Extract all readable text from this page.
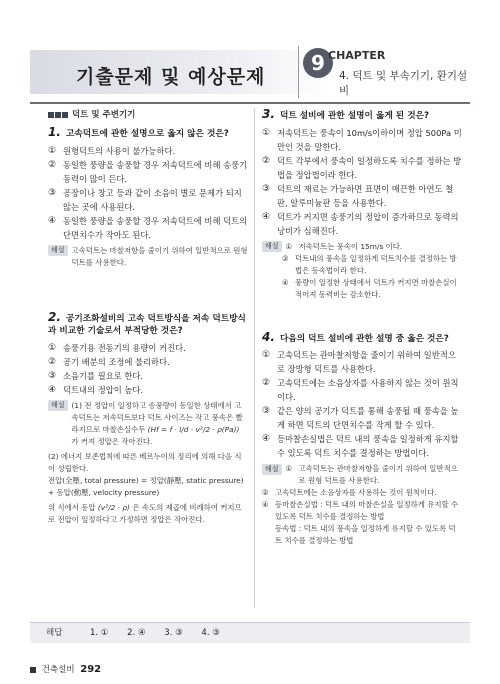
기출문제 및 예상문제
9 CHAPTER
4. 덕트 및 부속기기, 환기설비
덕트 및 주변기기
1. 고속덕트에 관한 설명으로 옳지 않은 것은?
① 원형덕트의 사용이 불가능하다.
② 동일한 풍량을 송풍할 경우 저속덕트에 비해 송풍기 동력이 많이 든다.
③ 공장이나 창고 등과 같이 소음이 별로 문제가 되지 않는 곳에 사용된다.
④ 동일한 풍량을 송풍할 경우 저속덕트에 비해 덕트의 단면치수가 작아도 된다.
해설 고속덕트는 마찰저항을 줄이기 위하여 일반적으로 원형덕트를 사용한다.
2. 공기조화설비의 고속 덕트방식을 저속 덕트방식과 비교한 기술로서 부적당한 것은?
① 송풍기용 전동기의 용량이 커진다.
② 공기 배분의 조정에 불리하다.
③ 소음기를 필요로 한다.
④ 덕트내의 정압이 높다.
해설 (1) 전 정압이 일정하고 송풍량이 동일한 상태에서 고속덕트는 저속덕트보다 덕트 사이즈는 작고 풍속은 빨라지므로 마찰손실수두 (Hf = f · l/d · v²/2 · ρ(Pa)) 가 커져 정압은 작아진다.
(2) 에너지 보존법칙에 따른 베르누이의 정리에 의해 다음 식이 성립한다.
전압(全壓, total pressure) = 정압(靜壓, static pressure) + 동압(動壓, velocity pressure)
위 식에서 동압 (v²/2 · ρ) 은 속도의 제곱에 비례하여 커지므로 전압이 일정하다고 가정하면 정압은 작아진다.
3. 덕트 설비에 관한 설명이 옳게 된 것은?
① 저속덕트는 풍속이 10m/s이하이며 정압 500Pa 미만인 것을 말한다.
② 덕트 각부에서 풍속이 일정하도록 치수를 정하는 방법을 정압법이라 한다.
③ 덕트의 재료는 가능하면 표면이 매끈한 아연도 철판, 알루미늄판 등을 사용한다.
④ 덕트가 커지면 송풍기의 정압이 증가하므로 동력의 낭비가 심해진다.
해설 ① 저속덕트는 풍속이 15m/s 이다.
② 덕트내의 풍속을 일정하게 덕트치수를 결정하는 방법은 등속법이라 한다.
④ 풍량이 일정한 상태에서 덕트가 커지면 마찰손실이 적어져 동력비는 감소한다.
4. 다음의 덕트 설비에 관한 설명 중 옳은 것은?
① 고속덕트는 관마찰저항을 줄이기 위하여 일반적으로 장방형 덕트를 사용한다.
② 고속덕트에는 소음상자를 사용하지 않는 것이 원칙이다.
③ 같은 양의 공기가 덕트를 통해 송풍될 때 풍속을 높게 하면 덕트의 단면치수를 작게 할 수 있다.
④ 등마찰손실법은 덕트 내의 풍속을 일정하게 유지할 수 있도록 덕트 치수를 결정하는 방법이다.
해설 ① 고속덕트는 관마찰저항을 줄이기 위하여 일반적으로 원형 덕트를 사용한다.
② 고속덕트에는 소음상자를 사용하는 것이 원칙이다.
④ 등마찰손실법 : 덕트 내의 마찰손실을 일정하게 유지할 수 있도록 덕트 치수를 결정하는 방법
등속법 : 덕트 내의 풍속을 일정하게 유지할 수 있도록 덕트 치수를 결정하는 방법
해답	1. ① 2. ④ 3. ③ 4. ③
건축설비 292
